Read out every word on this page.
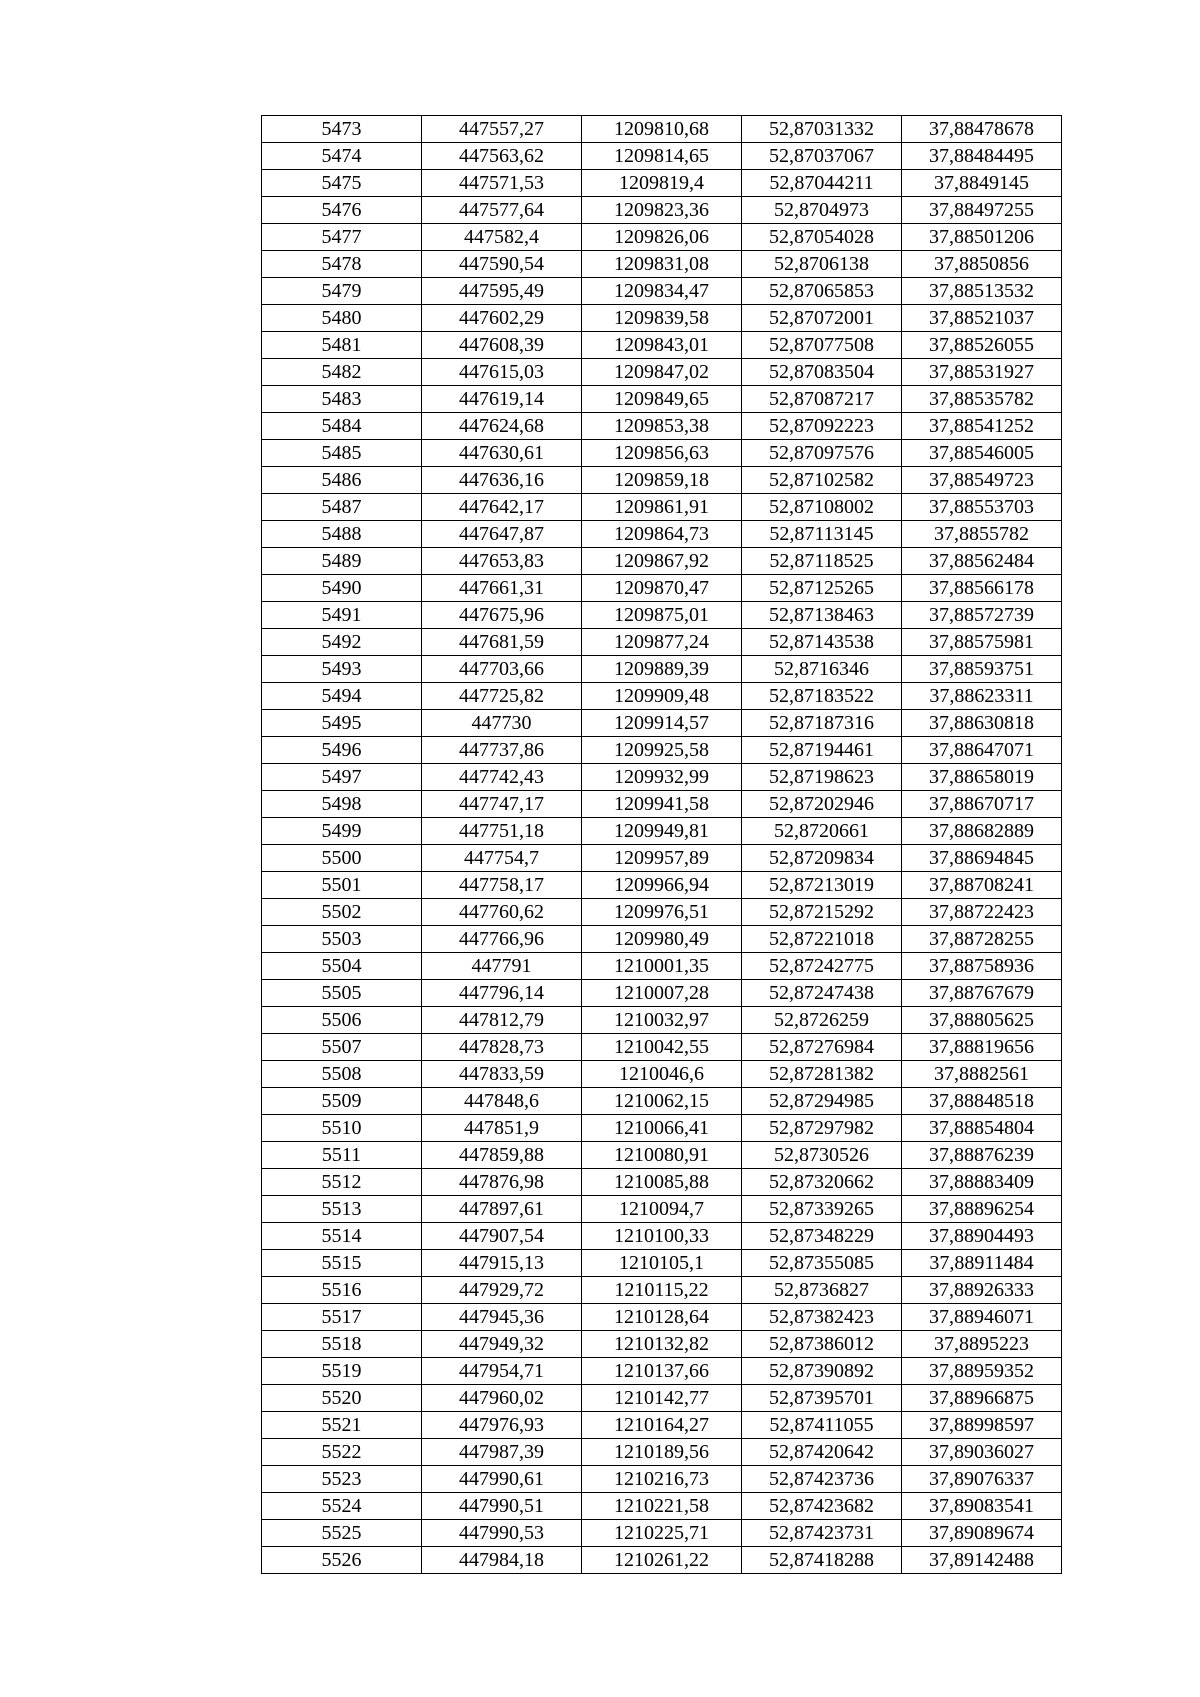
5473	447557,27	1209810,68	52,87031332	37,88478678
5474	447563,62	1209814,65	52,87037067	37,88484495
5475	447571,53	1209819,4	52,87044211	37,8849145
5476	447577,64	1209823,36	52,8704973	37,88497255
5477	447582,4	1209826,06	52,87054028	37,88501206
5478	447590,54	1209831,08	52,8706138	37,8850856
5479	447595,49	1209834,47	52,87065853	37,88513532
5480	447602,29	1209839,58	52,87072001	37,88521037
5481	447608,39	1209843,01	52,87077508	37,88526055
5482	447615,03	1209847,02	52,87083504	37,88531927
5483	447619,14	1209849,65	52,87087217	37,88535782
5484	447624,68	1209853,38	52,87092223	37,88541252
5485	447630,61	1209856,63	52,87097576	37,88546005
5486	447636,16	1209859,18	52,87102582	37,88549723
5487	447642,17	1209861,91	52,87108002	37,88553703
5488	447647,87	1209864,73	52,87113145	37,8855782
5489	447653,83	1209867,92	52,87118525	37,88562484
5490	447661,31	1209870,47	52,87125265	37,88566178
5491	447675,96	1209875,01	52,87138463	37,88572739
5492	447681,59	1209877,24	52,87143538	37,88575981
5493	447703,66	1209889,39	52,8716346	37,88593751
5494	447725,82	1209909,48	52,87183522	37,88623311
5495	447730	1209914,57	52,87187316	37,88630818
5496	447737,86	1209925,58	52,87194461	37,88647071
5497	447742,43	1209932,99	52,87198623	37,88658019
5498	447747,17	1209941,58	52,87202946	37,88670717
5499	447751,18	1209949,81	52,8720661	37,88682889
5500	447754,7	1209957,89	52,87209834	37,88694845
5501	447758,17	1209966,94	52,87213019	37,88708241
5502	447760,62	1209976,51	52,87215292	37,88722423
5503	447766,96	1209980,49	52,87221018	37,88728255
5504	447791	1210001,35	52,87242775	37,88758936
5505	447796,14	1210007,28	52,87247438	37,88767679
5506	447812,79	1210032,97	52,8726259	37,88805625
5507	447828,73	1210042,55	52,87276984	37,88819656
5508	447833,59	1210046,6	52,87281382	37,8882561
5509	447848,6	1210062,15	52,87294985	37,88848518
5510	447851,9	1210066,41	52,87297982	37,88854804
5511	447859,88	1210080,91	52,8730526	37,88876239
5512	447876,98	1210085,88	52,87320662	37,88883409
5513	447897,61	1210094,7	52,87339265	37,88896254
5514	447907,54	1210100,33	52,87348229	37,88904493
5515	447915,13	1210105,1	52,87355085	37,88911484
5516	447929,72	1210115,22	52,8736827	37,88926333
5517	447945,36	1210128,64	52,87382423	37,88946071
5518	447949,32	1210132,82	52,87386012	37,8895223
5519	447954,71	1210137,66	52,87390892	37,88959352
5520	447960,02	1210142,77	52,87395701	37,88966875
5521	447976,93	1210164,27	52,87411055	37,88998597
5522	447987,39	1210189,56	52,87420642	37,89036027
5523	447990,61	1210216,73	52,87423736	37,89076337
5524	447990,51	1210221,58	52,87423682	37,89083541
5525	447990,53	1210225,71	52,87423731	37,89089674
5526	447984,18	1210261,22	52,87418288	37,89142488
